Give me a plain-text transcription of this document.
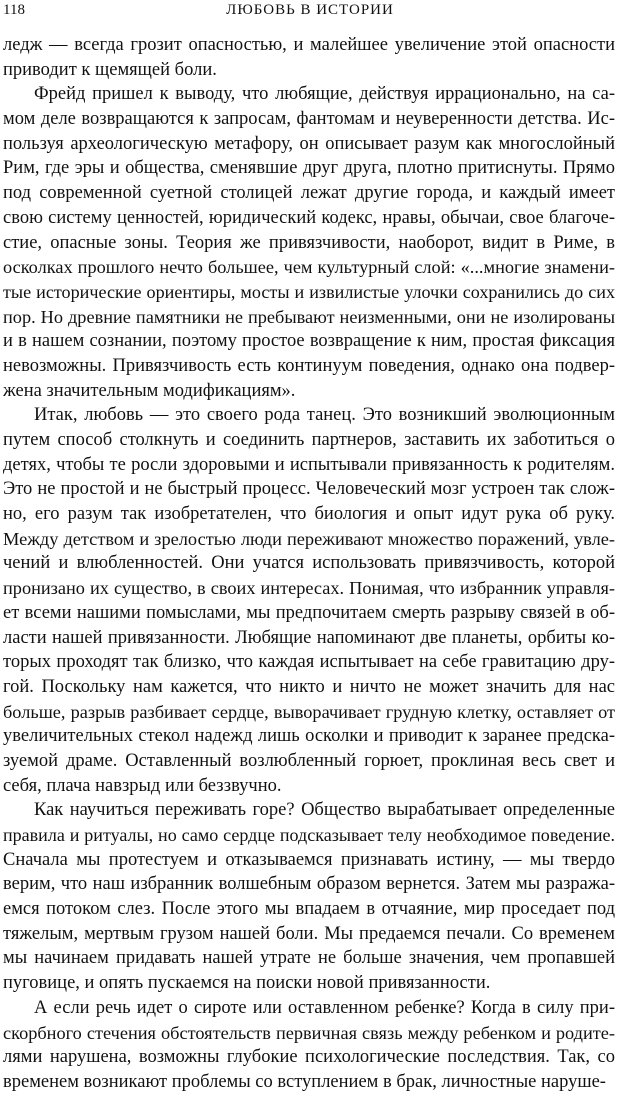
118	ЛЮБОВЬ В ИСТОРИИ
ледж — всегда грозит опасностью, и малейшее увеличение этой опасности
приводит к щемящей боли.
Фрейд пришел к выводу, что любящие, действуя иррационально, на са-
мом деле возвращаются к запросам, фантомам и неуверенности детства. Ис-
пользуя археологическую метафору, он описывает разум как многослойный
Рим, где эры и общества, сменявшие друг друга, плотно притиснуты. Прямо
под современной суетной столицей лежат другие города, и каждый имеет
свою систему ценностей, юридический кодекс, нравы, обычаи, свое благоче-
стие, опасные зоны. Теория же привязчивости, наоборот, видит в Риме, в
осколках прошлого нечто большее, чем культурный слой: «...многие знамени-
тые исторические ориентиры, мосты и извилистые улочки сохранились до сих
пор. Но древние памятники не пребывают неизменными, они не изолированы
и в нашем сознании, поэтому простое возвращение к ним, простая фиксация
невозможны. Привязчивость есть континуум поведения, однако она подвер-
жена значительным модификациям».
Итак, любовь — это своего рода танец. Это возникший эволюционным
путем способ столкнуть и соединить партнеров, заставить их заботиться о
детях, чтобы те росли здоровыми и испытывали привязанность к родителям.
Это не простой и не быстрый процесс. Человеческий мозг устроен так слож-
но, его разум так изобретателен, что биология и опыт идут рука об руку.
Между детством и зрелостью люди переживают множество поражений, увле-
чений и влюбленностей. Они учатся использовать привязчивость, которой
пронизано их существо, в своих интересах. Понимая, что избранник управля-
ет всеми нашими помыслами, мы предпочитаем смерть разрыву связей в об-
ласти нашей привязанности. Любящие напоминают две планеты, орбиты ко-
торых проходят так близко, что каждая испытывает на себе гравитацию дру-
гой. Поскольку нам кажется, что никто и ничто не может значить для нас
больше, разрыв разбивает сердце, выворачивает грудную клетку, оставляет от
увеличительных стекол надежд лишь осколки и приводит к заранее предска-
зуемой драме. Оставленный возлюбленный горюет, проклиная весь свет и
себя, плача навзрыд или беззвучно.
Как научиться переживать горе? Общество вырабатывает определенные
правила и ритуалы, но само сердце подсказывает телу необходимое поведение.
Сначала мы протестуем и отказываемся признавать истину, — мы твердо
верим, что наш избранник волшебным образом вернется. Затем мы разража-
емся потоком слез. После этого мы впадаем в отчаяние, мир проседает под
тяжелым, мертвым грузом нашей боли. Мы предаемся печали. Со временем
мы начинаем придавать нашей утрате не больше значения, чем пропавшей
пуговице, и опять пускаемся на поиски новой привязанности.
А если речь идет о сироте или оставленном ребенке? Когда в силу при-
скорбного стечения обстоятельств первичная связь между ребенком и родите-
лями нарушена, возможны глубокие психологические последствия. Так, со
временем возникают проблемы со вступлением в брак, личностные наруше-
